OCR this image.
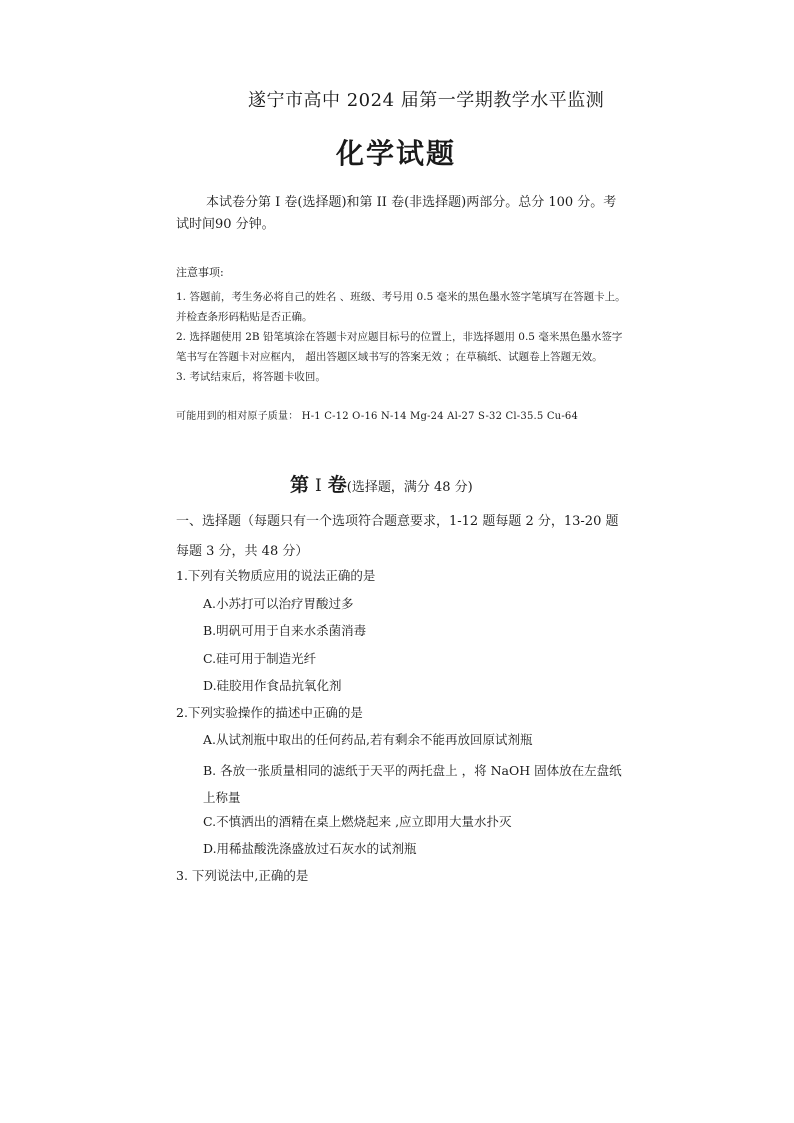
遂宁市高中 2024 届第一学期教学水平监测
化学试题
本试卷分第 I 卷(选择题)和第 II 卷(非选择题)两部分。总分 100 分。考试时间90 分钟。
注意事项:
1. 答题前，考生务必将自己的姓名 、班级、考号用 0.5 毫米的黑色墨水签字笔填写在答题卡上。并检查条形码粘贴是否正确。
2. 选择题使用 2B 铅笔填涂在答题卡对应题目标号的位置上，非选择题用 0.5 毫米黑色墨水签字笔书写在答题卡对应框内， 超出答题区域书写的答案无效 ；在草稿纸、试题卷上答题无效。
3. 考试结束后，将答题卡收回。
可能用到的相对原子质量： H-1 C-12 O-16 N-14 Mg-24 Al-27 S-32 Cl-35.5 Cu-64
第 Ⅰ 卷(选择题，满分 48 分)
一、选择题（每题只有一个选项符合题意要求，1-12 题每题 2 分，13-20 题每题 3 分，共 48 分）
1.下列有关物质应用的说法正确的是
A.小苏打可以治疗胃酸过多
B.明矾可用于自来水杀菌消毒
C.硅可用于制造光纤
D.硅胶用作食品抗氧化剂
2.下列实验操作的描述中正确的是
A.从试剂瓶中取出的任何药品,若有剩余不能再放回原试剂瓶
B. 各放一张质量相同的滤纸于天平的两托盘上 ，将 NaOH 固体放在左盘纸上称量
C.不慎洒出的酒精在桌上燃烧起来 ,应立即用大量水扑灭
D.用稀盐酸洗涤盛放过石灰水的试剂瓶
3. 下列说法中,正确的是
